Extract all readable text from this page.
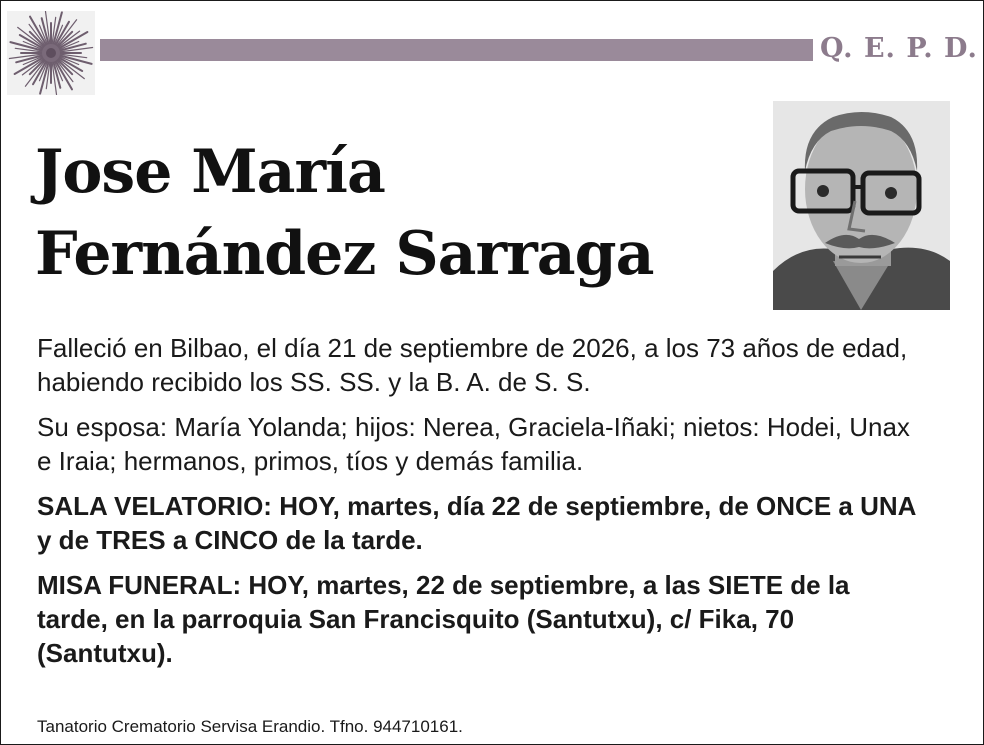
Q. E. P. D.
Jose María
Fernández Sarraga

Falleció en Bilbao, el día 21 de septiembre de 2026, a los 73 años de edad, habiendo recibido los SS. SS. y la B. A. de S. S.

Su esposa: María Yolanda; hijos: Nerea, Graciela-Iñaki; nietos: Hodei, Unax e Iraia; hermanos, primos, tíos y demás familia.

SALA VELATORIO: HOY, martes, día 22 de septiembre, de ONCE a UNA y de TRES a CINCO de la tarde.

MISA FUNERAL: HOY, martes, 22 de septiembre, a las SIETE de la tarde, en la parroquia San Francisquito (Santutxu), c/ Fika, 70 (Santutxu).

Tanatorio Crematorio Servisa Erandio. Tfno. 944710161.
